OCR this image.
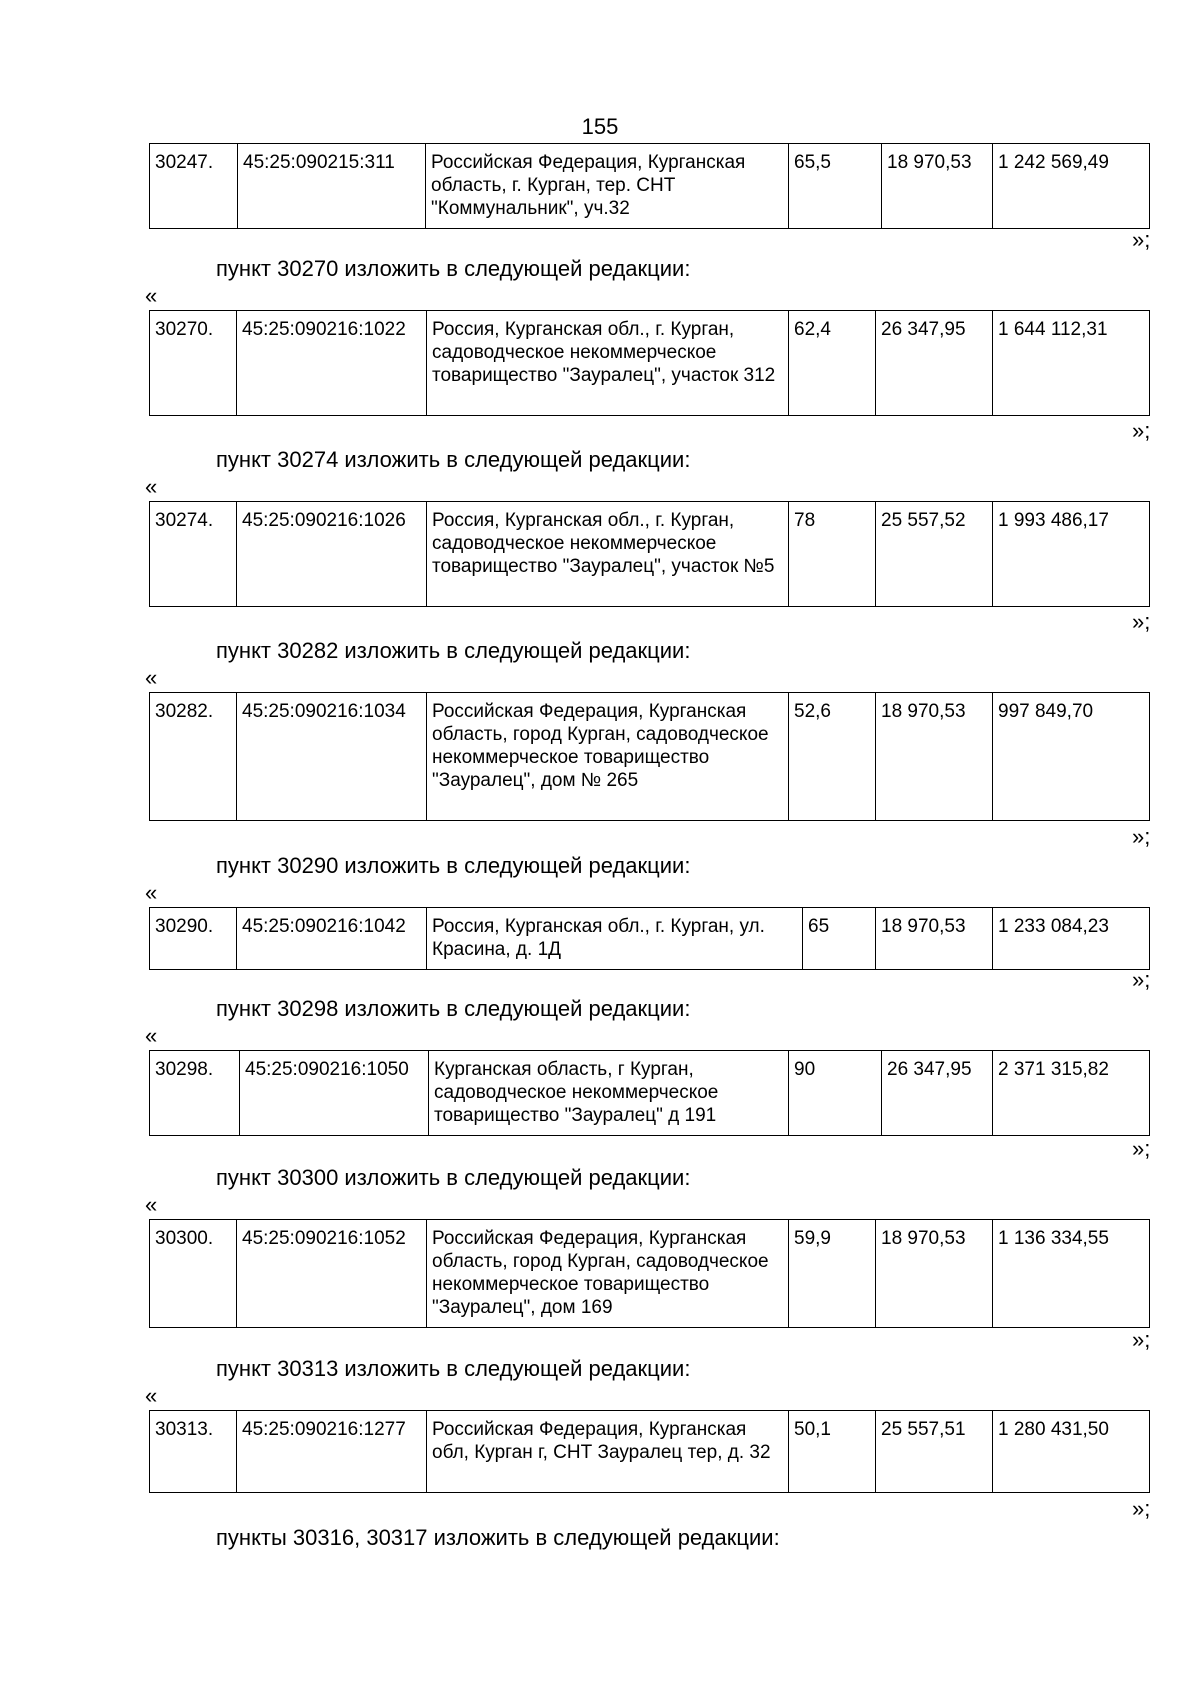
155
30247.	45:25:090215:311	Российская Федерация, Курганская область, г. Курган, тер. СНТ "Коммунальник", уч.32	65,5	18 970,53	1 242 569,49
»;
пункт 30270 изложить в следующей редакции:
«
30270.	45:25:090216:1022	Россия, Курганская обл., г. Курган, садоводческое некоммерческое товарищество "Зауралец", участок 312	62,4	26 347,95	1 644 112,31
»;
пункт 30274 изложить в следующей редакции:
«
30274.	45:25:090216:1026	Россия, Курганская обл., г. Курган, садоводческое некоммерческое товарищество "Зауралец", участок №5	78	25 557,52	1 993 486,17
»;
пункт 30282 изложить в следующей редакции:
«
30282.	45:25:090216:1034	Российская Федерация, Курганская область, город Курган, садоводческое некоммерческое товарищество "Зауралец", дом № 265	52,6	18 970,53	997 849,70
»;
пункт 30290 изложить в следующей редакции:
«
30290.	45:25:090216:1042	Россия, Курганская обл., г. Курган, ул. Красина, д. 1Д	65	18 970,53	1 233 084,23
»;
пункт 30298 изложить в следующей редакции:
«
30298.	45:25:090216:1050	Курганская область, г Курган, садоводческое некоммерческое товарищество "Зауралец" д 191	90	26 347,95	2 371 315,82
»;
пункт 30300 изложить в следующей редакции:
«
30300.	45:25:090216:1052	Российская Федерация, Курганская область, город Курган, садоводческое некоммерческое товарищество "Зауралец", дом 169	59,9	18 970,53	1 136 334,55
»;
пункт 30313 изложить в следующей редакции:
«
30313.	45:25:090216:1277	Российская Федерация, Курганская обл, Курган г, СНТ Зауралец тер, д. 32	50,1	25 557,51	1 280 431,50
»;
пункты 30316, 30317 изложить в следующей редакции:
